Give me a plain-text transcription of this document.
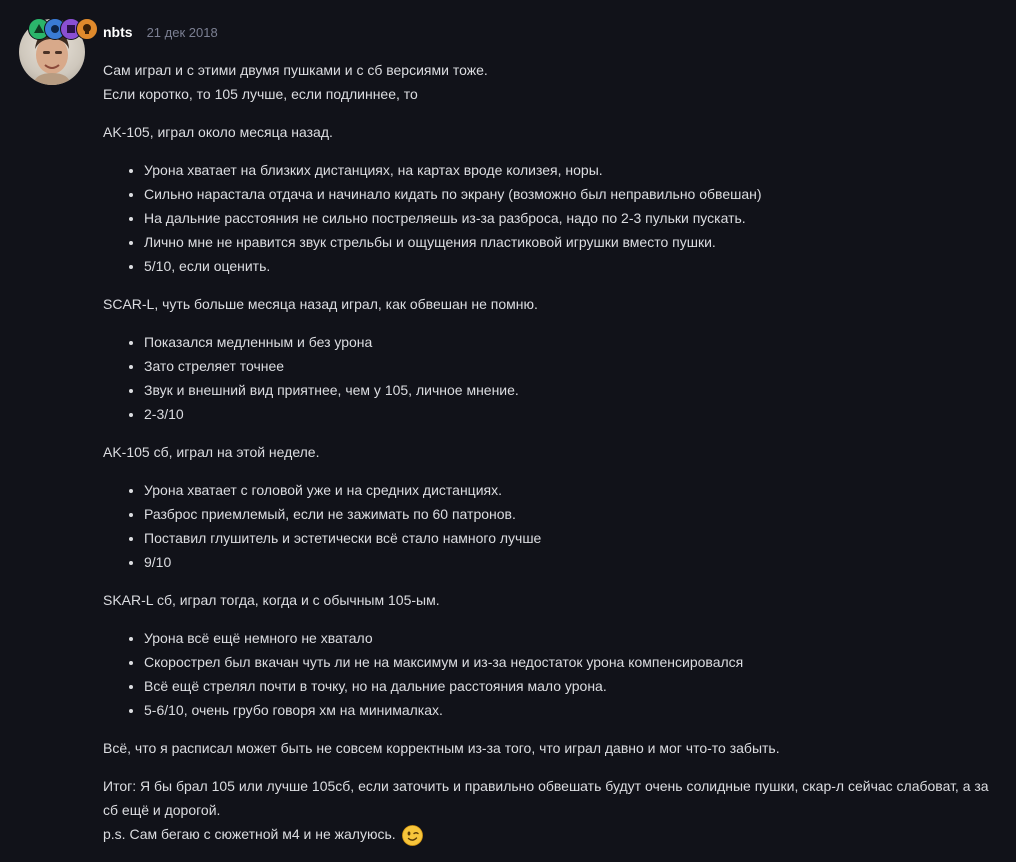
nbts 21 дек 2018

Сам играл и с этими двумя пушками и с сб версиями тоже.
Если коротко, то 105 лучше, если подлиннее, то

AK-105, играл около месяца назад.

• Урона хватает на близких дистанциях, на картах вроде колизея, норы.
• Сильно нарастала отдача и начинало кидать по экрану (возможно был неправильно обвешан)
• На дальние расстояния не сильно постреляешь из-за разброса, надо по 2-3 пульки пускать.
• Лично мне не нравится звук стрельбы и ощущения пластиковой игрушки вместо пушки.
• 5/10, если оценить.

SCAR-L, чуть больше месяца назад играл, как обвешан не помню.

• Показался медленным и без урона
• Зато стреляет точнее
• Звук и внешний вид приятнее, чем у 105, личное мнение.
• 2-3/10

AK-105 сб, играл на этой неделе.

• Урона хватает с головой уже и на средних дистанциях.
• Разброс приемлемый, если не зажимать по 60 патронов.
• Поставил глушитель и эстетически всё стало намного лучше
• 9/10

SKAR-L сб, играл тогда, когда и с обычным 105-ым.

• Урона всё ещё немного не хватало
• Скорострел был вкачан чуть ли не на максимум и из-за недостаток урона компенсировался
• Всё ещё стрелял почти в точку, но на дальние расстояния мало урона.
• 5-6/10, очень грубо говоря хм на минималках.

Всё, что я расписал может быть не совсем корректным из-за того, что играл давно и мог что-то забыть.

Итог: Я бы брал 105 или лучше 105сб, если заточить и правильно обвешать будут очень солидные пушки, скар-л сейчас слабоват, а за сб ещё и дорогой.
p.s. Сам бегаю с сюжетной м4 и не жалуюсь.
